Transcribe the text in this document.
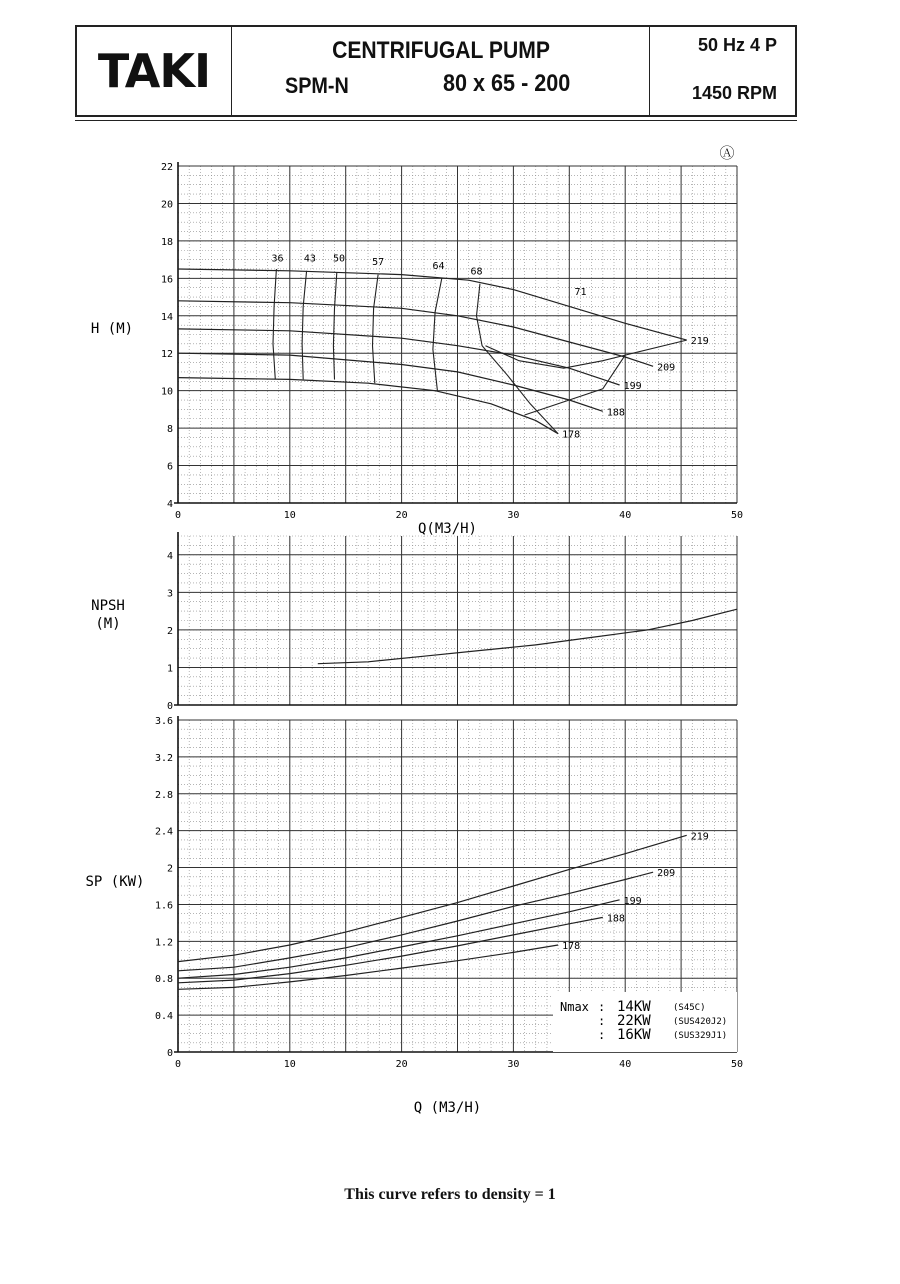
TAKI	CENTRIFUGAL PUMP
SPM-N	80 x 65 - 200
50 Hz 4 P
1450 RPM
4
6
8
10
12
14
16
18
20
22
0	10	20	30	40	50
H (M)
Q(M3/H)
219
209
199
188
178
36 43 50	57	64
68
71
0
1
2
3
4
NPSH
(M)
0
0.4
0.8
1.2
1.6
2
2.4
2.8
3.2
3.6
0	10	20	30	40	50
SP (KW)
Q (M3/H)
219
209
199
188
178
Nmax : 14KW (S45C)
: 22KW (SUS420J2)
: 16KW (SUS329J1)
Ⓐ
This curve refers to density = 1
